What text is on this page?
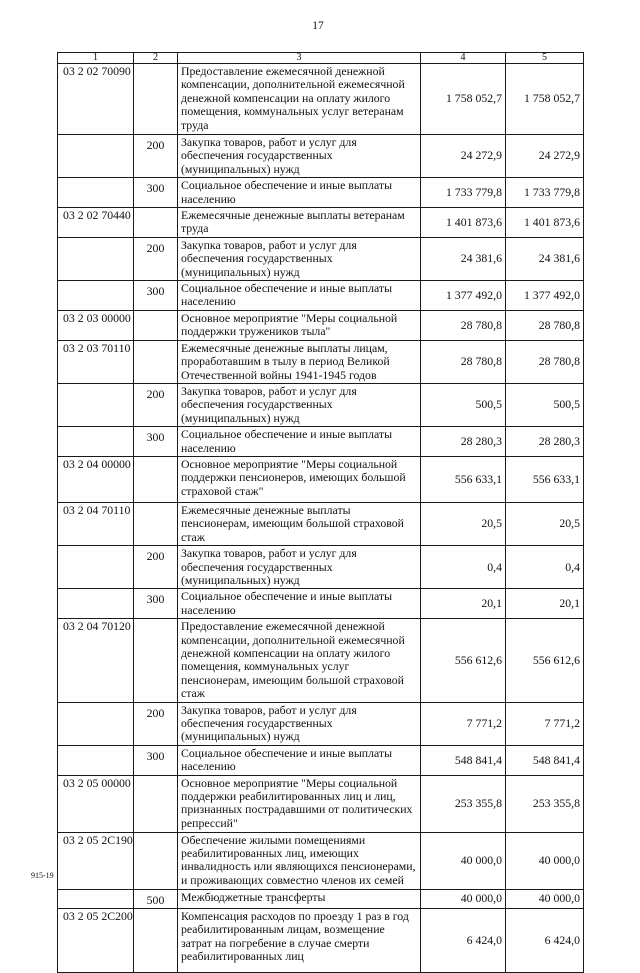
17
1	2	3	4	5
03 2 02 70090		Предоставление ежемесячной денежной компенсации, дополнительной ежемесячной денежной компенсации на оплату жилого помещения, коммунальных услуг ветеранам труда	1 758 052,7	1 758 052,7
	200	Закупка товаров, работ и услуг для обеспечения государственных (муниципальных) нужд	24 272,9	24 272,9
	300	Социальное обеспечение и иные выплаты населению	1 733 779,8	1 733 779,8
03 2 02 70440		Ежемесячные денежные выплаты ветеранам труда	1 401 873,6	1 401 873,6
	200	Закупка товаров, работ и услуг для обеспечения государственных (муниципальных) нужд	24 381,6	24 381,6
	300	Социальное обеспечение и иные выплаты населению	1 377 492,0	1 377 492,0
03 2 03 00000		Основное мероприятие "Меры социальной поддержки тружеников тыла"	28 780,8	28 780,8
03 2 03 70110		Ежемесячные денежные выплаты лицам, проработавшим в тылу в период Великой Отечественной войны 1941-1945 годов	28 780,8	28 780,8
	200	Закупка товаров, работ и услуг для обеспечения государственных (муниципальных) нужд	500,5	500,5
	300	Социальное обеспечение и иные выплаты населению	28 280,3	28 280,3
03 2 04 00000		Основное мероприятие "Меры социальной поддержки пенсионеров, имеющих большой страховой стаж"	556 633,1	556 633,1
03 2 04 70110		Ежемесячные денежные выплаты пенсионерам, имеющим большой страховой стаж	20,5	20,5
	200	Закупка товаров, работ и услуг для обеспечения государственных (муниципальных) нужд	0,4	0,4
	300	Социальное обеспечение и иные выплаты населению	20,1	20,1
03 2 04 70120		Предоставление ежемесячной денежной компенсации, дополнительной ежемесячной денежной компенсации на оплату жилого помещения, коммунальных услуг пенсионерам, имеющим большой страховой стаж	556 612,6	556 612,6
	200	Закупка товаров, работ и услуг для обеспечения государственных (муниципальных) нужд	7 771,2	7 771,2
	300	Социальное обеспечение и иные выплаты населению	548 841,4	548 841,4
03 2 05 00000		Основное мероприятие "Меры социальной поддержки реабилитированных лиц и лиц, признанных пострадавшими от политических репрессий"	253 355,8	253 355,8
03 2 05 2С190		Обеспечение жилыми помещениями реабилитированных лиц, имеющих инвалидность или являющихся пенсионерами, и проживающих совместно членов их семей	40 000,0	40 000,0
	500	Межбюджетные трансферты	40 000,0	40 000,0
03 2 05 2С200		Компенсация расходов по проезду 1 раз в год реабилитированным лицам, возмещение затрат на погребение в случае смерти реабилитированных лиц	6 424,0	6 424,0
915-19
